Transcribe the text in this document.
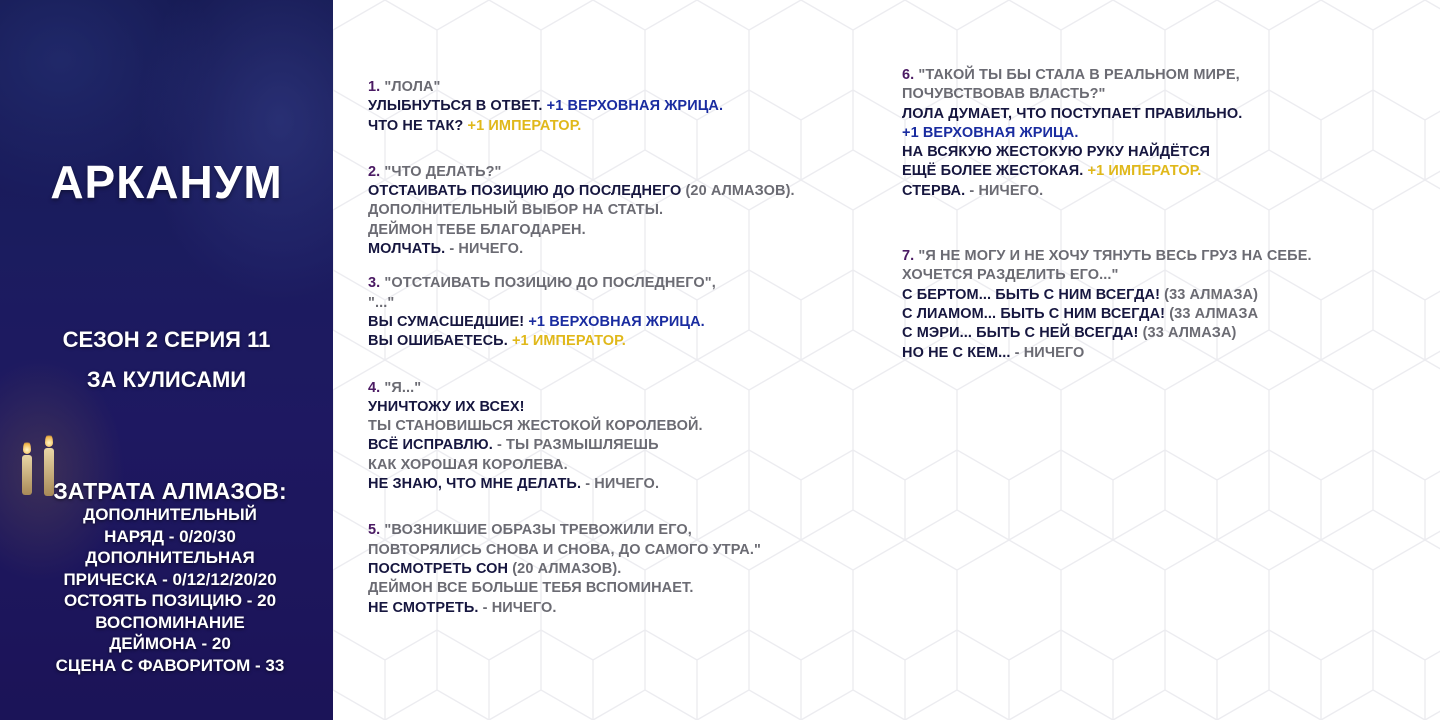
АРКАНУМ
СЕЗОН 2 СЕРИЯ 11
ЗА КУЛИСАМИ
ЗАТРАТА АЛМАЗОВ:
ДОПОЛНИТЕЛЬНЫЙ
НАРЯД - 0/20/30
ДОПОЛНИТЕЛЬНАЯ
ПРИЧЕСКА - 0/12/12/20/20
ОСТОЯТЬ ПОЗИЦИЮ - 20
ВОСПОМИНАНИЕ
ДЕЙМОНА - 20
СЦЕНА С ФАВОРИТОМ - 33

1. "ЛОЛА"

УЛЫБНУТЬСЯ В ОТВЕТ. +1 ВЕРХОВНАЯ ЖРИЦА.

ЧТО НЕ ТАК? +1 ИМПЕРАТОР.

2. "ЧТО ДЕЛАТЬ?"

ОТСТАИВАТЬ ПОЗИЦИЮ ДО ПОСЛЕДНЕГО (20 АЛМАЗОВ).

ДОПОЛНИТЕЛЬНЫЙ ВЫБОР НА СТАТЫ.

ДЕЙМОН ТЕБЕ БЛАГОДАРЕН.

МОЛЧАТЬ. - НИЧЕГО.

3. "ОТСТАИВАТЬ ПОЗИЦИЮ ДО ПОСЛЕДНЕГО",

"..."

ВЫ СУМАСШЕДШИЕ! +1 ВЕРХОВНАЯ ЖРИЦА.

ВЫ ОШИБАЕТЕСЬ. +1 ИМПЕРАТОР.

4. "Я..."

УНИЧТОЖУ ИХ ВСЕХ!

ТЫ СТАНОВИШЬСЯ ЖЕСТОКОЙ КОРОЛЕВОЙ.

ВСЁ ИСПРАВЛЮ. - ТЫ РАЗМЫШЛЯЕШЬ

КАК ХОРОШАЯ КОРОЛЕВА.

НЕ ЗНАЮ, ЧТО МНЕ ДЕЛАТЬ. - НИЧЕГО.

5. "ВОЗНИКШИЕ ОБРАЗЫ ТРЕВОЖИЛИ ЕГО,

ПОВТОРЯЛИСЬ СНОВА И СНОВА, ДО САМОГО УТРА."

ПОСМОТРЕТЬ СОН (20 АЛМАЗОВ).

ДЕЙМОН ВСЕ БОЛЬШЕ ТЕБЯ ВСПОМИНАЕТ.

НЕ СМОТРЕТЬ. - НИЧЕГО.

6. "ТАКОЙ ТЫ БЫ СТАЛА В РЕАЛЬНОМ МИРЕ,

ПОЧУВСТВОВАВ ВЛАСТЬ?"

ЛОЛА ДУМАЕТ, ЧТО ПОСТУПАЕТ ПРАВИЛЬНО.

+1 ВЕРХОВНАЯ ЖРИЦА.

НА ВСЯКУЮ ЖЕСТОКУЮ РУКУ НАЙДЁТСЯ

ЕЩЁ БОЛЕЕ ЖЕСТОКАЯ. +1 ИМПЕРАТОР.

СТЕРВА. - НИЧЕГО.

7. "Я НЕ МОГУ И НЕ ХОЧУ ТЯНУТЬ ВЕСЬ ГРУЗ НА СЕБЕ.

ХОЧЕТСЯ РАЗДЕЛИТЬ ЕГО..."

С БЕРТОМ... БЫТЬ С НИМ ВСЕГДА! (33 АЛМАЗА)

С ЛИАМОМ... БЫТЬ С НИМ ВСЕГДА! (33 АЛМАЗА

С МЭРИ... БЫТЬ С НЕЙ ВСЕГДА! (33 АЛМАЗА)

НО НЕ С КЕМ... - НИЧЕГО
